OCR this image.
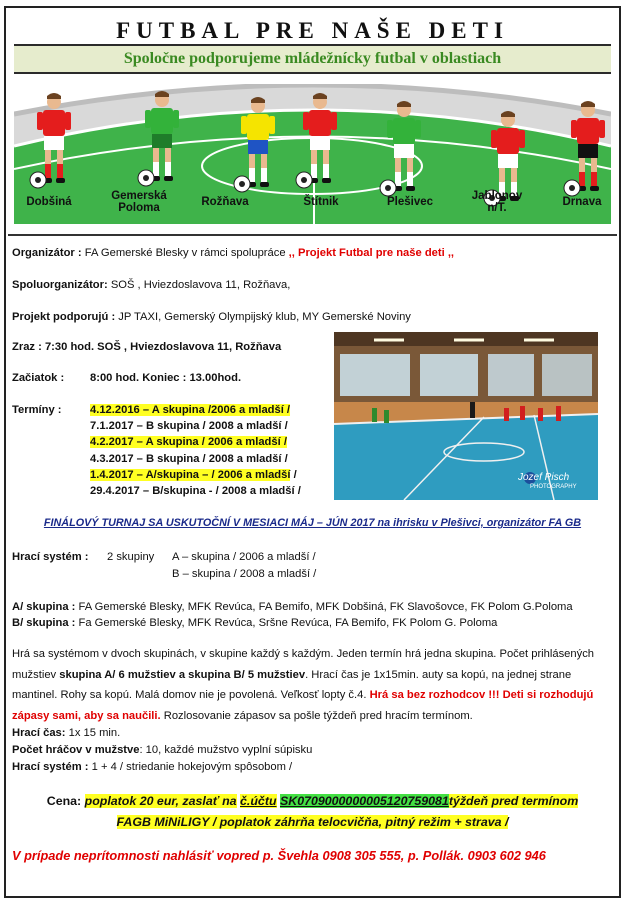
FUTBAL PRE NAŠE DETI
Spoločne podporujeme mládežnícky futbal v oblastiach
Dobšiná	Gemerská
Poloma	Rožňava	Štítnik	Plešivec	Jablonov
n/T.	Drnava
Organizátor : FA Gemerské Blesky v rámci spolupráce ,, Projekt Futbal pre naše deti ,,
Spoluorganizátor: SOŠ , Hviezdoslavova 11, Rožňava,
Projekt podporujú : JP TAXI, Gemerský Olympijský klub, MY Gemerské Noviny
Zraz : 7:30 hod. SOŠ , Hviezdoslavova 11, Rožňava
Začiatok : 8:00 hod. Koniec : 13.00hod.
Termíny :	4.12.2016 – A skupina /2006 a mladší /
7.1.2017 – B skupina / 2008 a mladší /
4.2.2017 – A skupina / 2006 a mladší /
4.3.2017 – B skupina / 2008 a mladší /
1.4.2017 – A/skupina – / 2006 a mladší /
29.4.2017 – B/skupina - / 2008 a mladší /
Jozef Pisch
PHOTOGRAPHY
FINÁLOVÝ TURNAJ SA USKUTOČNÍ V MESIACI MÁJ – JÚN 2017 na ihrisku v Plešivci, organizátor FA GB
Hrací systém : 2 skupiny A – skupina / 2006 a mladší /
B – skupina / 2008 a mladší /
A/ skupina : FA Gemerské Blesky, MFK Revúca, FA Bemifo, MFK Dobšiná, FK Slavošovce, FK Polom G.Poloma
B/ skupina : Fa Gemerské Blesky, MFK Revúca, Sršne Revúca, FA Bemifo, FK Polom G. Poloma
Hrá sa systémom v dvoch skupinách, v skupine každý s každým. Jeden termín hrá jedna skupina. Počet prihlásených mužstiev skupina A/ 6 mužstiev a skupina B/ 5 mužstiev. Hrací čas je 1x15min. auty sa kopú, na jednej strane mantinel. Rohy sa kopú. Malá domov nie je povolená. Veľkosť lopty č.4. Hrá sa bez rozhodcov !!! Deti si rozhodujú zápasy sami, aby sa naučili. Rozlosovanie zápasov sa pošle týždeň pred hracím termínom.
Hrací čas: 1x 15 min.
Počet hráčov v mužstve: 10, každé mužstvo vyplní súpisku
Hrací systém : 1 + 4 / striedanie hokejovým spôsobom /
Cena: poplatok 20 eur, zaslať na č.účtu SK0709000000005120759081týždeň pred termínom
FAGB MiNiLIGY / poplatok záhrňa telocvičňa, pitný režim + strava /
V prípade neprítomnosti nahlásiť vopred p. Švehla 0908 305 555, p. Pollák. 0903 602 946
